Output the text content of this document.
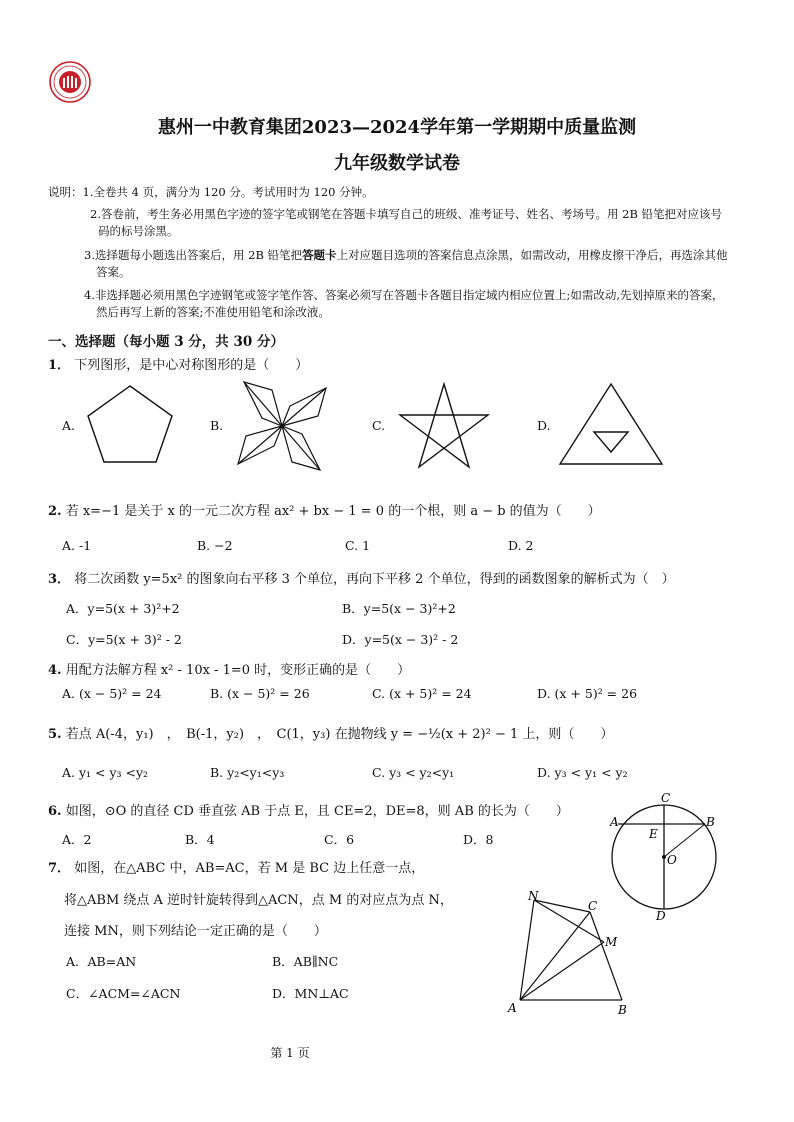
惠州一中教育集团2023—2024学年第一学期期中质量监测
九年级数学试卷
说明：1.全卷共 4 页，满分为 120 分。考试用时为 120 分钟。
2.答卷前，考生务必用黑色字迹的签字笔或钢笔在答题卡填写自己的班级、准考证号、姓名、考场号。用 2B 铅笔把对应该号
码的标号涂黑。
3.选择题每小题选出答案后，用 2B 铅笔把答题卡上对应题目选项的答案信息点涂黑，如需改动，用橡皮擦干净后，再选涂其他
答案。
4.非选择题必须用黑色字迹钢笔或签字笔作答、答案必须写在答题卡各题目指定域内相应位置上;如需改动,先划掉原来的答案，
然后再写上新的答案;不准使用铅笔和涂改液。
一、选择题（每小题 3 分，共 30 分）
1． 下列图形，是中心对称图形的是（　　）
A.	B.	C.	D.
2. 若 x=−1 是关于 x 的一元二次方程 ax² + bx − 1 = 0 的一个根，则 a − b 的值为（　　）
A. -1	B. −2	C. 1	D. 2
3． 将二次函数 y=5x² 的图象向右平移 3 个单位，再向下平移 2 个单位，得到的函数图象的解析式为（　）
A．y=5(x + 3)²+2	B．y=5(x − 3)²+2
C．y=5(x + 3)² - 2	D．y=5(x − 3)² - 2
4. 用配方法解方程 x² - 10x - 1=0 时，变形正确的是（　　）
A. (x − 5)² = 24	B. (x − 5)² = 26	C. (x + 5)² = 24	D. (x + 5)² = 26
5. 若点 A(-4，y₁)　，　B(-1，y₂)　，　C(1，y₃) 在抛物线 y = −½(x + 2)² − 1 上，则（　　）
A. y₁ < y₃ <y₂	B. y₂<y₁<y₃	C. y₃ < y₂<y₁	D. y₃ < y₁ < y₂
6. 如图，⊙O 的直径 CD 垂直弦 AB 于点 E，且 CE=2，DE=8，则 AB 的长为（　　）
A．2	B．4	C．6	D．8
C
A	B
E
O
D
7． 如图，在△ABC 中，AB=AC，若 M 是 BC 边上任意一点，
将△ABM 绕点 A 逆时针旋转得到△ACN，点 M 的对应点为点 N，
连接 MN，则下列结论一定正确的是（　　）
A．AB=AN	B．AB∥NC
C．∠ACM=∠ACN	D．MN⊥AC
N
C
M
A	B
第 1 页
